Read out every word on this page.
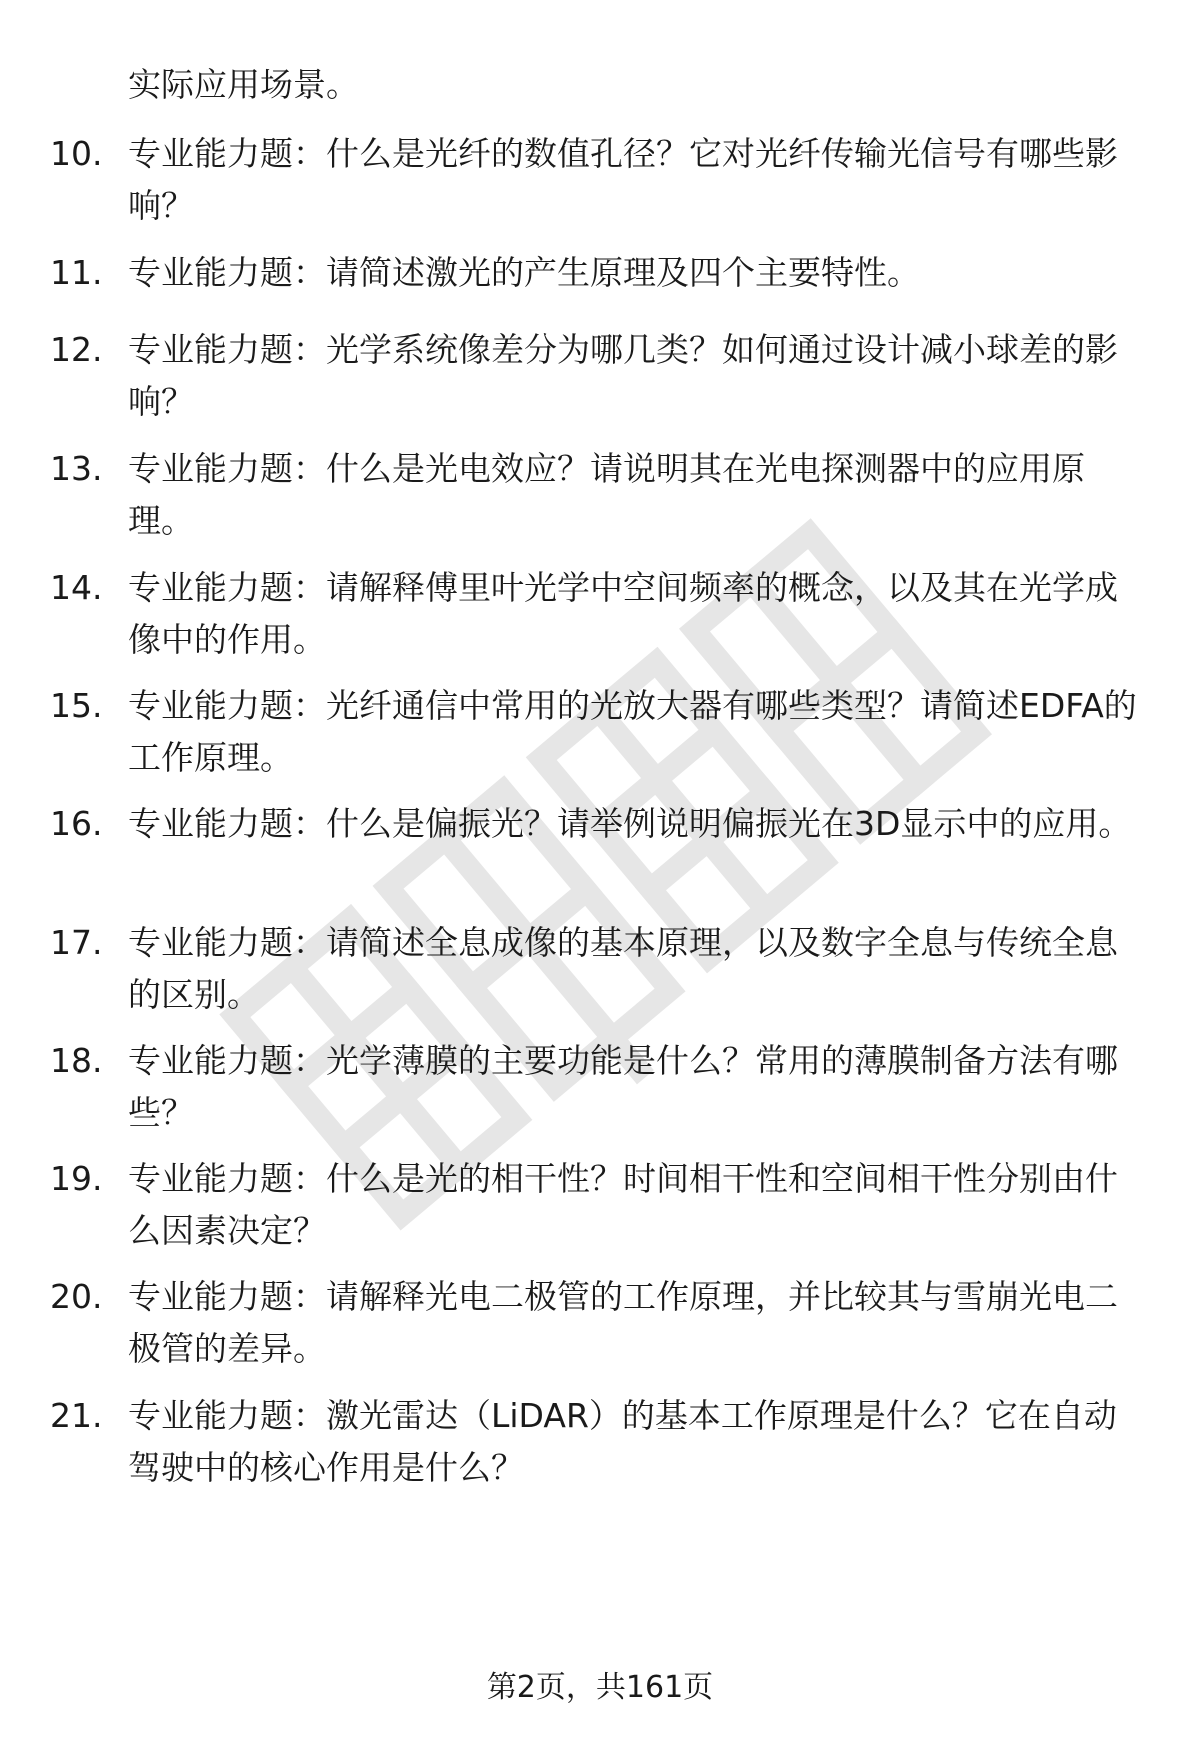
实际应用场景。
10. 专业能力题：什么是光纤的数值孔径？它对光纤传输光信号有哪些影响？
11. 专业能力题：请简述激光的产生原理及四个主要特性。
12. 专业能力题：光学系统像差分为哪几类？如何通过设计减小球差的影响？
13. 专业能力题：什么是光电效应？请说明其在光电探测器中的应用原理。
14. 专业能力题：请解释傅里叶光学中空间频率的概念，以及其在光学成像中的作用。
15. 专业能力题：光纤通信中常用的光放大器有哪些类型？请简述EDFA的工作原理。
16. 专业能力题：什么是偏振光？请举例说明偏振光在3D显示中的应用。
17. 专业能力题：请简述全息成像的基本原理，以及数字全息与传统全息的区别。
18. 专业能力题：光学薄膜的主要功能是什么？常用的薄膜制备方法有哪些？
19. 专业能力题：什么是光的相干性？时间相干性和空间相干性分别由什么因素决定？
20. 专业能力题：请解释光电二极管的工作原理，并比较其与雪崩光电二极管的差异。
21. 专业能力题：激光雷达（LiDAR）的基本工作原理是什么？它在自动驾驶中的核心作用是什么？
第2页，共161页
